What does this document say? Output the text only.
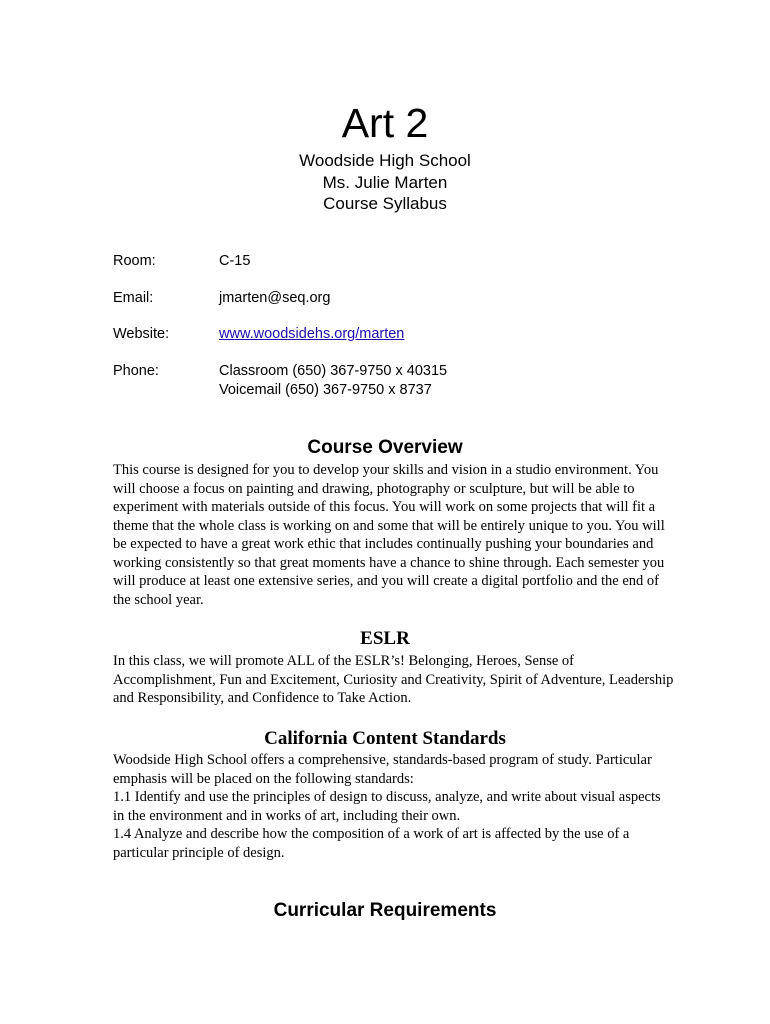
Art 2
Woodside High School
Ms. Julie Marten
Course Syllabus
Room:	C-15
Email:	jmarten@seq.org
Website:	www.woodsidehs.org/marten
Phone:	Classroom (650) 367-9750 x 40315
Voicemail (650) 367-9750 x 8737
Course Overview
This course is designed for you to develop your skills and vision in a studio environment. You
will choose a focus on painting and drawing, photography or sculpture, but will be able to
experiment with materials outside of this focus. You will work on some projects that will fit a
theme that the whole class is working on and some that will be entirely unique to you. You will
be expected to have a great work ethic that includes continually pushing your boundaries and
working consistently so that great moments have a chance to shine through. Each semester you
will produce at least one extensive series, and you will create a digital portfolio and the end of
the school year.
ESLR
In this class, we will promote ALL of the ESLR’s! Belonging, Heroes, Sense of
Accomplishment, Fun and Excitement, Curiosity and Creativity, Spirit of Adventure, Leadership
and Responsibility, and Confidence to Take Action.
California Content Standards
Woodside High School offers a comprehensive, standards-based program of study. Particular
emphasis will be placed on the following standards:
1.1 Identify and use the principles of design to discuss, analyze, and write about visual aspects
in the environment and in works of art, including their own.
1.4 Analyze and describe how the composition of a work of art is affected by the use of a
particular principle of design.
Curricular Requirements
